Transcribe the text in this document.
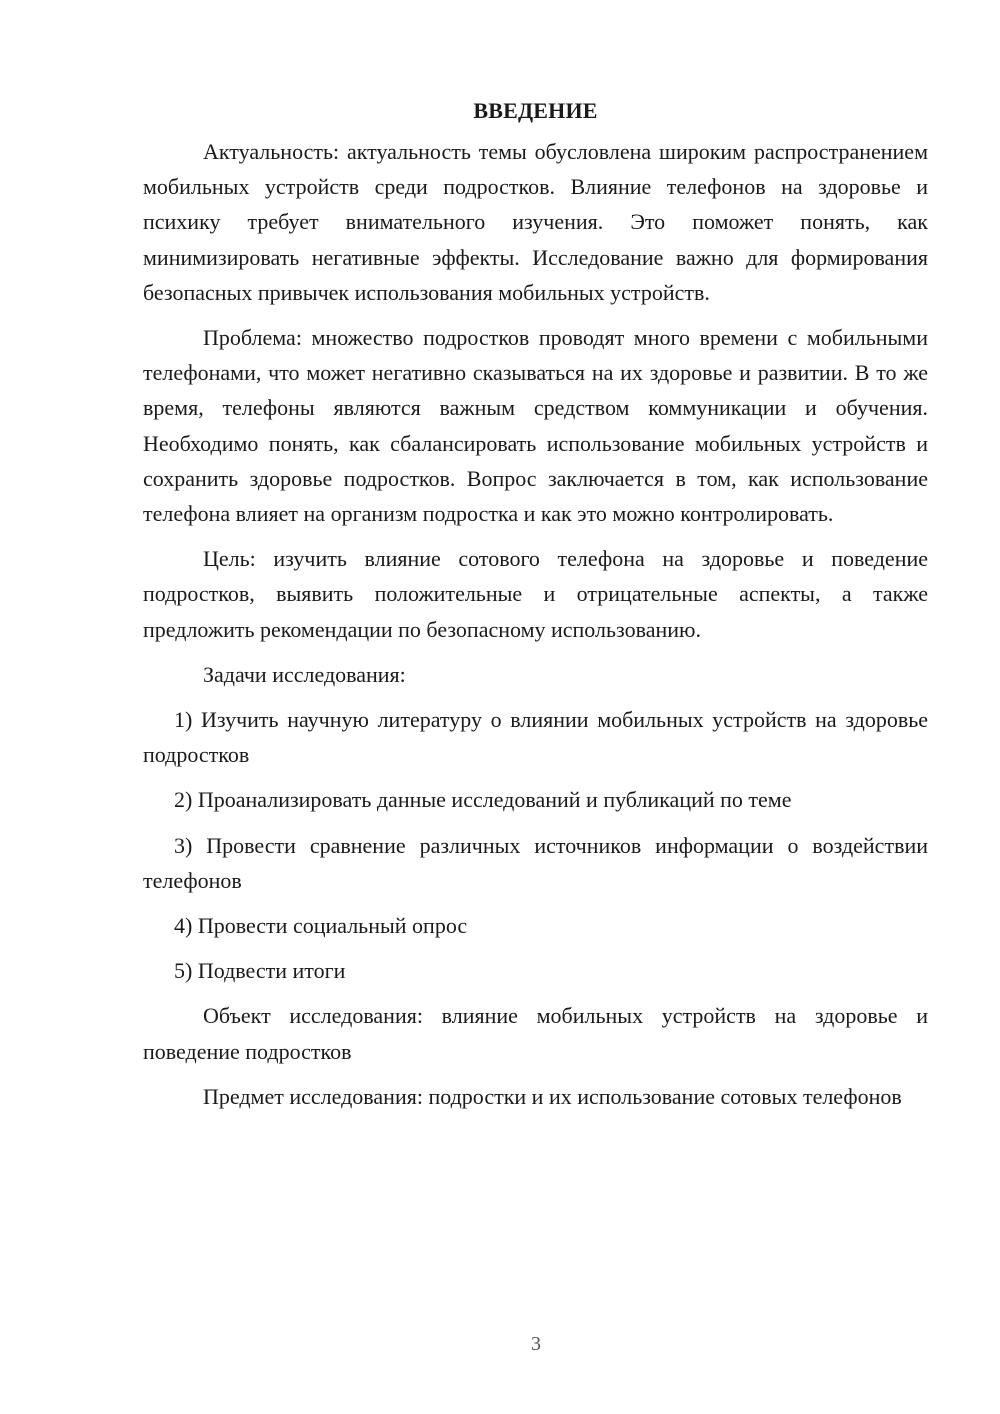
ВВЕДЕНИЕ

Актуальность: актуальность темы обусловлена широким распространением мобильных устройств среди подростков. Влияние телефонов на здоровье и психику требует внимательного изучения. Это поможет понять, как минимизировать негативные эффекты. Исследование важно для формирования безопасных привычек использования мобильных устройств.

Проблема: множество подростков проводят много времени с мобильными телефонами, что может негативно сказываться на их здоровье и развитии. В то же время, телефоны являются важным средством коммуникации и обучения. Необходимо понять, как сбалансировать использование мобильных устройств и сохранить здоровье подростков. Вопрос заключается в том, как использование телефона влияет на организм подростка и как это можно контролировать.

Цель: изучить влияние сотового телефона на здоровье и поведение подростков, выявить положительные и отрицательные аспекты, а также предложить рекомендации по безопасному использованию.

Задачи исследования:

1) Изучить научную литературу о влиянии мобильных устройств на здоровье подростков

2) Проанализировать данные исследований и публикаций по теме

3) Провести сравнение различных источников информации о воздействии телефонов

4) Провести социальный опрос

5) Подвести итоги

Объект исследования: влияние мобильных устройств на здоровье и поведение подростков

Предмет исследования: подростки и их использование сотовых телефонов

3
